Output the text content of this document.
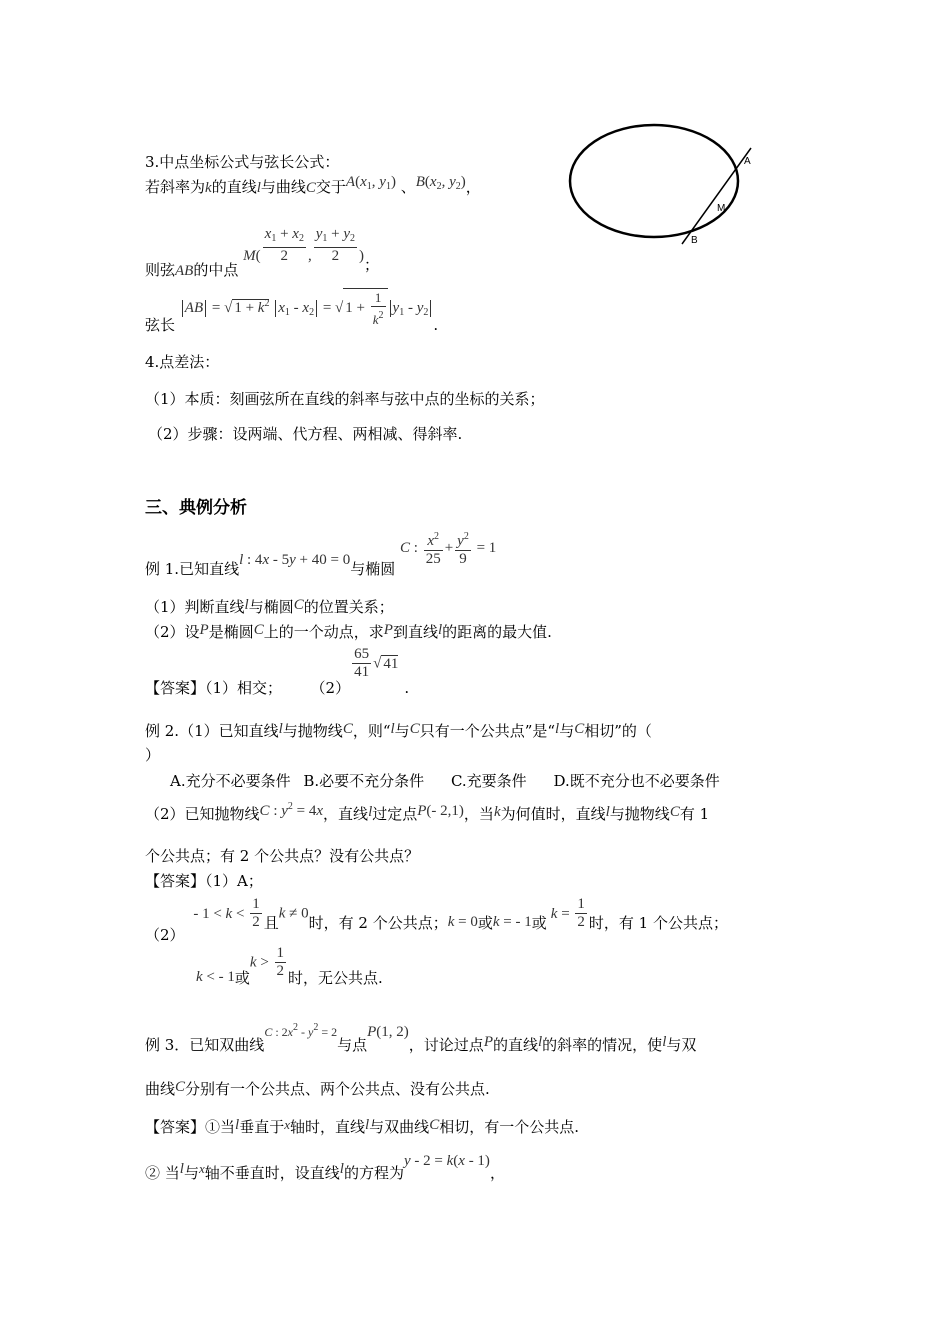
A
M
B
3.中点坐标公式与弦长公式：
若斜率为k的直线l与曲线C交于$A(x_1$, $y_1$) 、$B(x_2$, $y_2$)，
则弦AB的中点 $M( \frac{x_1 + x_2}{2}$ , $\frac{y_1 + y_2}{2}$ )；
弦长 AB = √ $1 + k^2$ $x_1 - x_2$ = √ $1 + \frac{1}{k^2} y_1 - y_2$.
4.点差法：
（1）本质：刻画弦所在直线的斜率与弦中点的坐标的关系；
（2）步骤：设两端、代方程、两相减、得斜率.
三、典例分析
例 1.已知直线l : 4x - 5y + 40 = 0与椭圆 C : $\frac{x^2}{25} + \frac{y^2}{9} = 1$
（1）判断直线l与椭圆C的位置关系；
（2）设P是椭圆C上的一个动点，求P到直线l的距离的最大值.
【答案】（1）相交； （2）
$\frac{65}{41}$ √ 41.
例 2.（1）已知直线l与抛物线C，则“l与C只有一个公共点”是“l与C相切”的（
）
A.充分不必要条件 B.必要不充分条件 C.充要条件 D.既不充分也不必要条件
（2）已知抛物线C : $y^2 = 4x$，直线l过定点P(- 2,1)，当k为何值时，直线l与抛物线C有 1
个公共点；有 2 个公共点？没有公共点？
【答案】（1）A；
$(2) - 1 < k < \frac{1}{2}$ 且k ≠ 0时，有 2 个公共点；k = 0或k = - 1或 $k = \frac{1}{2}$ 时，有 1 个公共点；
k < - 1或$k > \frac{1}{2}$ 时，无公共点.
例 3．已知双曲线C : $2x^2 - y^2 = 2$与点P(1, 2)，讨论过点P的直线l的斜率的情况，使l与双
曲线C分别有一个公共点、两个公共点、没有公共点.
【答案】①当l垂直于x轴时，直线l与双曲线C相切，有一个公共点.
② 当l与x轴不垂直时，设直线l的方程为y - 2 = k(x - 1)，
